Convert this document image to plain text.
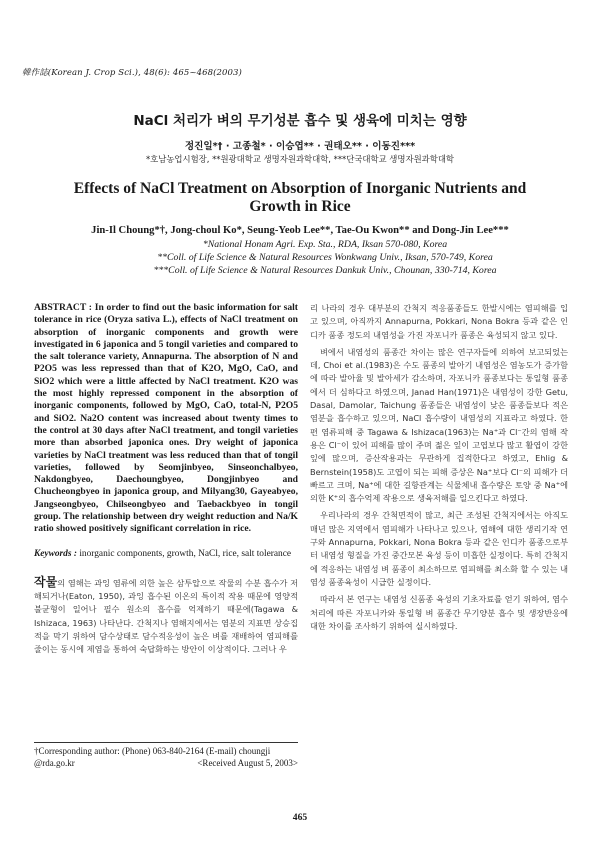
韓作誌(Korean J. Crop Sci.), 48(6): 465~468(2003)
NaCl 처리가 벼의 무기성분 흡수 및 생육에 미치는 영향
정진일*† · 고종철* · 이승엽** · 권태오** · 이동진***
*호남농업시험장, **원광대학교 생명자원과학대학, ***단국대학교 생명자원과학대학
Effects of NaCl Treatment on Absorption of Inorganic Nutrients and Growth in Rice
Jin-Il Choung*†, Jong-choul Ko*, Seung-Yeob Lee**, Tae-Ou Kwon** and Dong-Jin Lee***
*National Honam Agri. Exp. Sta., RDA, Iksan 570-080, Korea
**Coll. of Life Science & Natural Resources Wonkwang Univ., Iksan, 570-749, Korea
***Coll. of Life Science & Natural Resources Dankuk Univ., Chounan, 330-714, Korea
ABSTRACT : In order to find out the basic information for salt tolerance in rice (Oryza sativa L.), effects of NaCl treatment on absorption of inorganic components and growth were investigated in 6 japonica and 5 tongil varieties and compared to the salt tolerance variety, Annapurna. The absorption of N and P2O5 was less repressed than that of K2O, MgO, CaO, and SiO2 which were a little affected by NaCl treatment. K2O was the most highly repressed component in the absorption of inorganic components, followed by MgO, CaO, total-N, P2O5 and SiO2. Na2O content was increased about twenty times to the control at 30 days after NaCl treatment, and tongil varieties more than absorbed japonica ones. Dry weight of japonica varieties by NaCl treatment was less reduced than that of tongil varieties, followed by Seomjinbyeo, Sinseonchalbyeo, Nakdongbyeo, Daechoungbyeo, Dongjinbyeo and Chucheongbyeo in japonica group, and Milyang30, Gayeabyeo, Jangseongbyeo, Chilseongbyeo and Taebackbyeo in tongil group. The relationship between dry weight reduction and Na/K ratio showed positively significant correlation in rice.
Keywords : inorganic components, growth, NaCl, rice, salt tolerance
작물의 염해는 과잉 염류에 의한 높은 삼투압으로 작물의 수분 흡수가 저해되거나(Eaton, 1950), 과잉 흡수된 이온의 특이적 작용 때문에 영양적 불균형이 일어나 필수 원소의 흡수를 억제하기 때문에(Tagawa & Ishizaca, 1963) 나타난다. 간척지나 염해지에서는 염분의 지표면 상승집적을 막기 위하여 담수상태로 담수적응성이 높은 벼를 재배하여 염피해를 줄이는 동시에 제염을 통하여 숙답화하는 방안이 이상적이다. 그러나 우

리 나라의 경우 대부분의 간척지 적응품종들도 한발시에는 염피해를 입고 있으며, 아직까지 Annapurna, Pokkari, Nona Bokra 등과 같은 인디카 품종 정도의 내염성을 가진 자포니카 품종은 육성되지 않고 있다.

벼에서 내염성의 품종간 차이는 많은 연구자들에 의하여 보고되었는데, Choi et al.(1983)은 수도 품종의 발아기 내염성은 염농도가 증가함에 따라 발아율 및 발아세가 감소하며, 자포니카 품종보다는 통일형 품종에서 더 심하다고 하였으며, Janad Han(1971)은 내염성이 강한 Getu, Dasal, Damolar, Taichung 품종들은 내염성이 낮은 품종들보다 적은 염분을 흡수하고 있으며, NaCl 흡수량이 내염성의 지표라고 하였다. 한편 염류피해 중 Tagawa & Ishizaca(1963)는 Na⁺과 Cl⁻간의 염해 작용은 Cl⁻이 있어 피해를 많이 주며 젊은 잎이 고엽보다 많고 활엽이 강한 잎에 많으며, 증산작용과는 무관하게 집적한다고 하였고, Ehlig & Bernstein(1958)도 고엽이 되는 피해 증상은 Na⁺보다 Cl⁻의 피해가 더 빠르고 크며, Na⁺에 대한 길항관계는 식물체내 흡수량은 토양 중 Na⁺에 의한 K⁺의 흡수억제 작용으로 생육저해를 일으킨다고 하였다.

우리나라의 경우 간척면적이 많고, 최근 조성된 간척지에서는 아직도 매년 많은 지역에서 염피해가 나타나고 있으나, 염해에 대한 생리기작 연구와 Annapurna, Pokkari, Nona Bokra 등과 같은 인디카 품종으로부터 내염성 형질을 가진 중간모본 육성 등이 미흡한 실정이다. 특히 간척지에 적응하는 내염성 벼 품종이 최소하므로 염피해를 최소화 할 수 있는 내염성 품종육성이 시급한 실정이다.

따라서 본 연구는 내염성 신품종 육성의 기초자료를 얻기 위하여, 염수처리에 따른 자포니카와 통일형 벼 품종간 무기양분 흡수 및 생장반응에 대한 차이를 조사하기 위하여 실시하였다.

†Corresponding author: (Phone) 063-840-2164 (E-mail) choungji
@rda.go.kr	<Received August 5, 2003>
465
